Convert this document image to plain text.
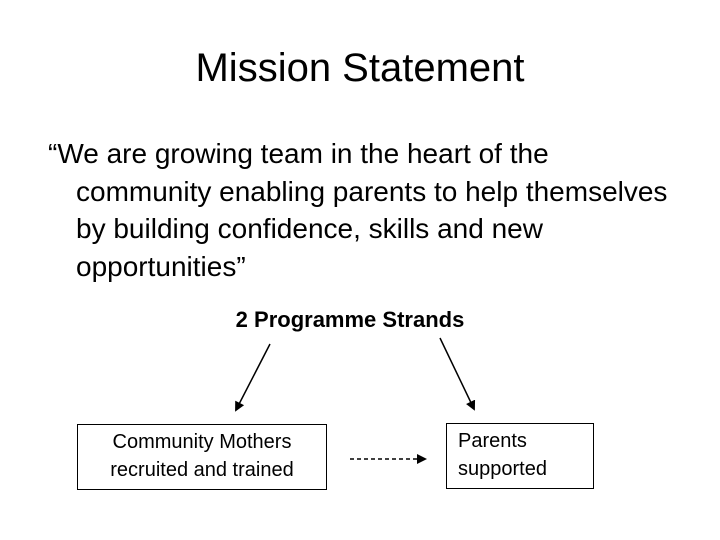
Mission Statement
“We are growing team in the heart of the community enabling parents to help themselves by building confidence, skills and new opportunities”
2 Programme Strands
Community Mothers
recruited and trained
Parents
supported
